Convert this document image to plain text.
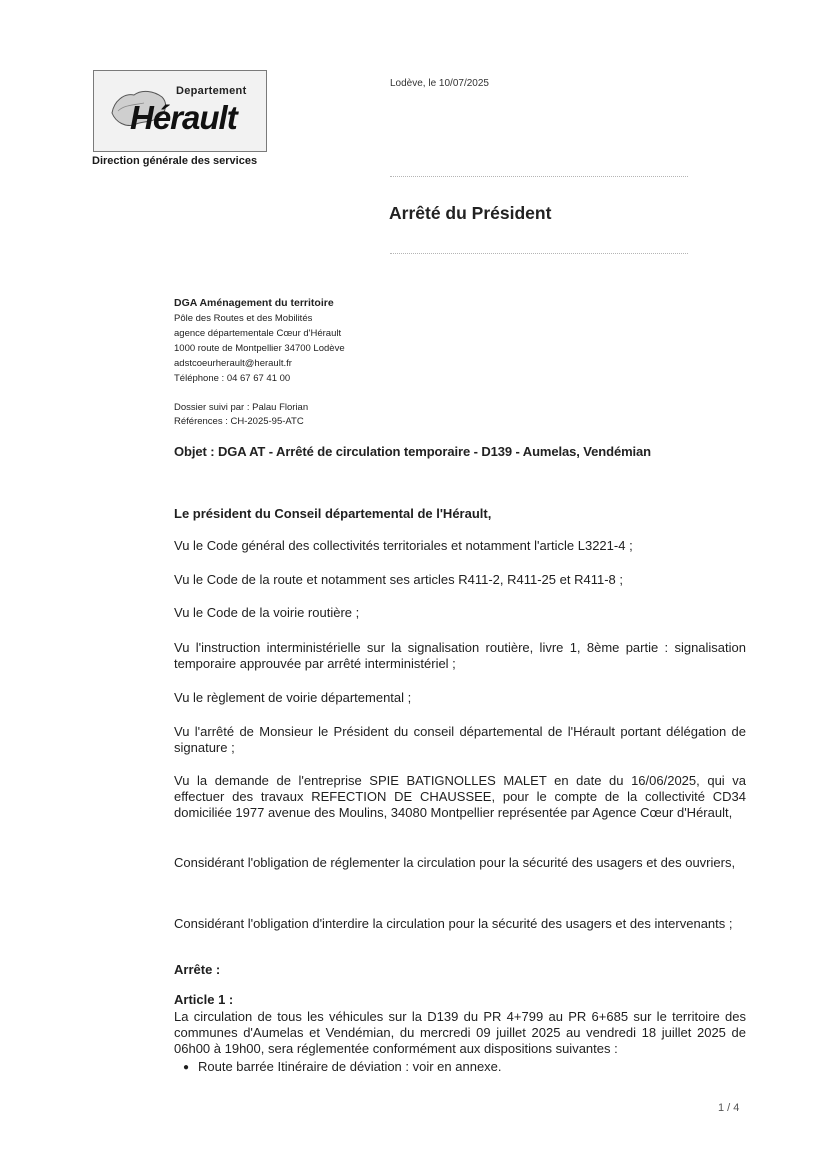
Departement
Hérault
Direction générale des services
Lodève, le 10/07/2025
Arrêté du Président
DGA Aménagement du territoire
Pôle des Routes et des Mobilités
agence départementale Cœur d'Hérault
1000 route de Montpellier 34700 Lodève
adstcoeurherault@herault.fr
Téléphone : 04 67 67 41 00
Dossier suivi par : Palau Florian
Références : CH-2025-95-ATC
Objet : DGA AT - Arrêté de circulation temporaire - D139 - Aumelas, Vendémian
Le président du Conseil départemental de l'Hérault,
Vu le Code général des collectivités territoriales et notamment l'article L3221-4 ;
Vu le Code de la route et notamment ses articles R411-2, R411-25 et R411-8 ;
Vu le Code de la voirie routière ;
Vu l'instruction interministérielle sur la signalisation routière, livre 1, 8ème partie : signalisation temporaire approuvée par arrêté interministériel ;
Vu le règlement de voirie départemental ;
Vu l'arrêté de Monsieur le Président du conseil départemental de l'Hérault portant délégation de signature ;
Vu la demande de l'entreprise SPIE BATIGNOLLES MALET en date du 16/06/2025, qui va effectuer des travaux REFECTION DE CHAUSSEE, pour le compte de la collectivité CD34 domiciliée 1977 avenue des Moulins, 34080 Montpellier représentée par Agence Cœur d'Hérault,
Considérant l'obligation de réglementer la circulation pour la sécurité des usagers et des ouvriers,
Considérant l'obligation d'interdire la circulation pour la sécurité des usagers et des intervenants ;
Arrête :
Article 1 :
La circulation de tous les véhicules sur la D139 du PR 4+799 au PR 6+685 sur le territoire des communes d'Aumelas et Vendémian, du mercredi 09 juillet 2025 au vendredi 18 juillet 2025 de 06h00 à 19h00, sera réglementée conformément aux dispositions suivantes :
● Route barrée Itinéraire de déviation : voir en annexe.
1 / 4
